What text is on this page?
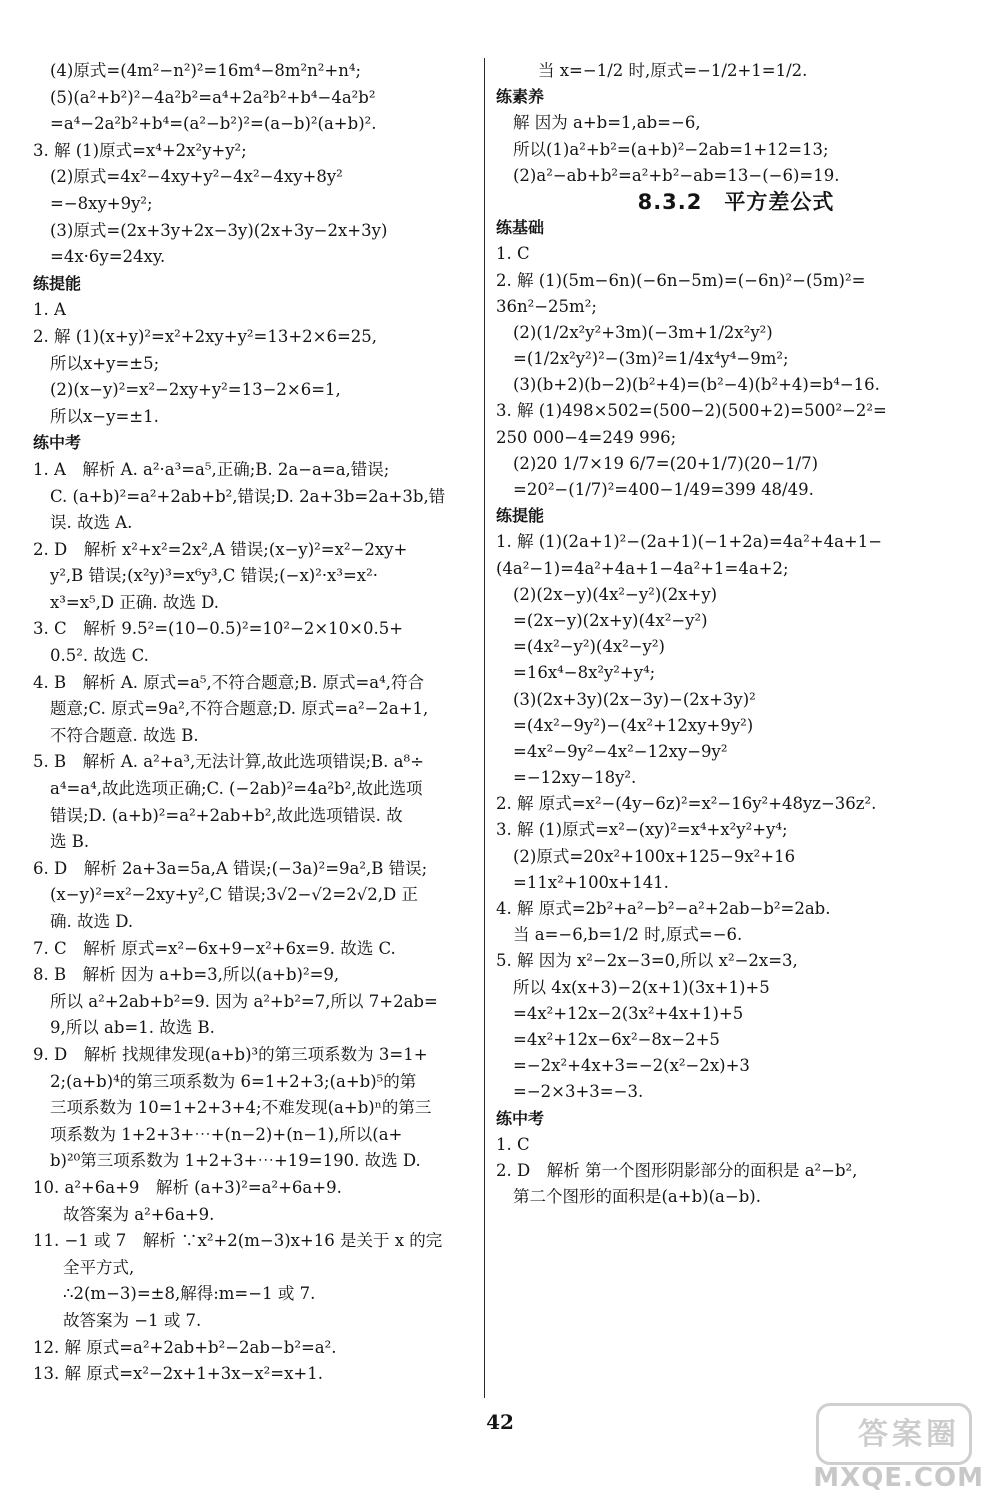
(4)原式=(4m²−n²)²=16m⁴−8m²n²+n⁴;
(5)(a²+b²)²−4a²b²=a⁴+2a²b²+b⁴−4a²b²
=a⁴−2a²b²+b⁴=(a²−b²)²=(a−b)²(a+b)².
3. 解 (1)原式=x⁴+2x²y+y²;
(2)原式=4x²−4xy+y²−4x²−4xy+8y²
=−8xy+9y²;
(3)原式=(2x+3y+2x−3y)(2x+3y−2x+3y)
=4x·6y=24xy.
练提能
1. A
2. 解 (1)(x+y)²=x²+2xy+y²=13+2×6=25,
所以x+y=±5;
(2)(x−y)²=x²−2xy+y²=13−2×6=1,
所以x−y=±1.
练中考
1. A　解析 A. a²·a³=a⁵,正确;B. 2a−a=a,错误;
C. (a+b)²=a²+2ab+b²,错误;D. 2a+3b=2a+3b,错
误. 故选 A.
2. D　解析 x²+x²=2x²,A 错误;(x−y)²=x²−2xy+
y²,B 错误;(x²y)³=x⁶y³,C 错误;(−x)²·x³=x²·
x³=x⁵,D 正确. 故选 D.
3. C　解析 9.5²=(10−0.5)²=10²−2×10×0.5+
0.5². 故选 C.
4. B　解析 A. 原式=a⁵,不符合题意;B. 原式=a⁴,符合
题意;C. 原式=9a²,不符合题意;D. 原式=a²−2a+1,
不符合题意. 故选 B.
5. B　解析 A. a²+a³,无法计算,故此选项错误;B. a⁸÷
a⁴=a⁴,故此选项正确;C. (−2ab)²=4a²b²,故此选项
错误;D. (a+b)²=a²+2ab+b²,故此选项错误. 故
选 B.
6. D　解析 2a+3a=5a,A 错误;(−3a)²=9a²,B 错误;
(x−y)²=x²−2xy+y²,C 错误;3√2−√2=2√2,D 正
确. 故选 D.
7. C　解析 原式=x²−6x+9−x²+6x=9. 故选 C.
8. B　解析 因为 a+b=3,所以(a+b)²=9,
所以 a²+2ab+b²=9. 因为 a²+b²=7,所以 7+2ab=
9,所以 ab=1. 故选 B.
9. D　解析 找规律发现(a+b)³的第三项系数为 3=1+
2;(a+b)⁴的第三项系数为 6=1+2+3;(a+b)⁵的第
三项系数为 10=1+2+3+4;不难发现(a+b)ⁿ的第三
项系数为 1+2+3+⋯+(n−2)+(n−1),所以(a+
b)²⁰第三项系数为 1+2+3+⋯+19=190. 故选 D.
10. a²+6a+9　解析 (a+3)²=a²+6a+9.
故答案为 a²+6a+9.
11. −1 或 7　解析 ∵x²+2(m−3)x+16 是关于 x 的完
全平方式,
∴2(m−3)=±8,解得:m=−1 或 7.
故答案为 −1 或 7.
12. 解 原式=a²+2ab+b²−2ab−b²=a².
13. 解 原式=x²−2x+1+3x−x²=x+1.
当 x=−1/2 时,原式=−1/2+1=1/2.
练素养
解 因为 a+b=1,ab=−6,
所以(1)a²+b²=(a+b)²−2ab=1+12=13;
(2)a²−ab+b²=a²+b²−ab=13−(−6)=19.
8.3.2　平方差公式
练基础
1. C
2. 解 (1)(5m−6n)(−6n−5m)=(−6n)²−(5m)²=
36n²−25m²;
(2)(1/2x²y²+3m)(−3m+1/2x²y²)
=(1/2x²y²)²−(3m)²=1/4x⁴y⁴−9m²;
(3)(b+2)(b−2)(b²+4)=(b²−4)(b²+4)=b⁴−16.
3. 解 (1)498×502=(500−2)(500+2)=500²−2²=
250 000−4=249 996;
(2)20 1/7×19 6/7=(20+1/7)(20−1/7)
=20²−(1/7)²=400−1/49=399 48/49.
练提能
1. 解 (1)(2a+1)²−(2a+1)(−1+2a)=4a²+4a+1−
(4a²−1)=4a²+4a+1−4a²+1=4a+2;
(2)(2x−y)(4x²−y²)(2x+y)
=(2x−y)(2x+y)(4x²−y²)
=(4x²−y²)(4x²−y²)
=16x⁴−8x²y²+y⁴;
(3)(2x+3y)(2x−3y)−(2x+3y)²
=(4x²−9y²)−(4x²+12xy+9y²)
=4x²−9y²−4x²−12xy−9y²
=−12xy−18y².
2. 解 原式=x²−(4y−6z)²=x²−16y²+48yz−36z².
3. 解 (1)原式=x²−(xy)²=x⁴+x²y²+y⁴;
(2)原式=20x²+100x+125−9x²+16
=11x²+100x+141.
4. 解 原式=2b²+a²−b²−a²+2ab−b²=2ab.
当 a=−6,b=1/2 时,原式=−6.
5. 解 因为 x²−2x−3=0,所以 x²−2x=3,
所以 4x(x+3)−2(x+1)(3x+1)+5
=4x²+12x−2(3x²+4x+1)+5
=4x²+12x−6x²−8x−2+5
=−2x²+4x+3=−2(x²−2x)+3
=−2×3+3=−3.
练中考
1. C
2. D　解析 第一个图形阴影部分的面积是 a²−b²,
第二个图形的面积是(a+b)(a−b).
42	答案圈
MXQE.COM
